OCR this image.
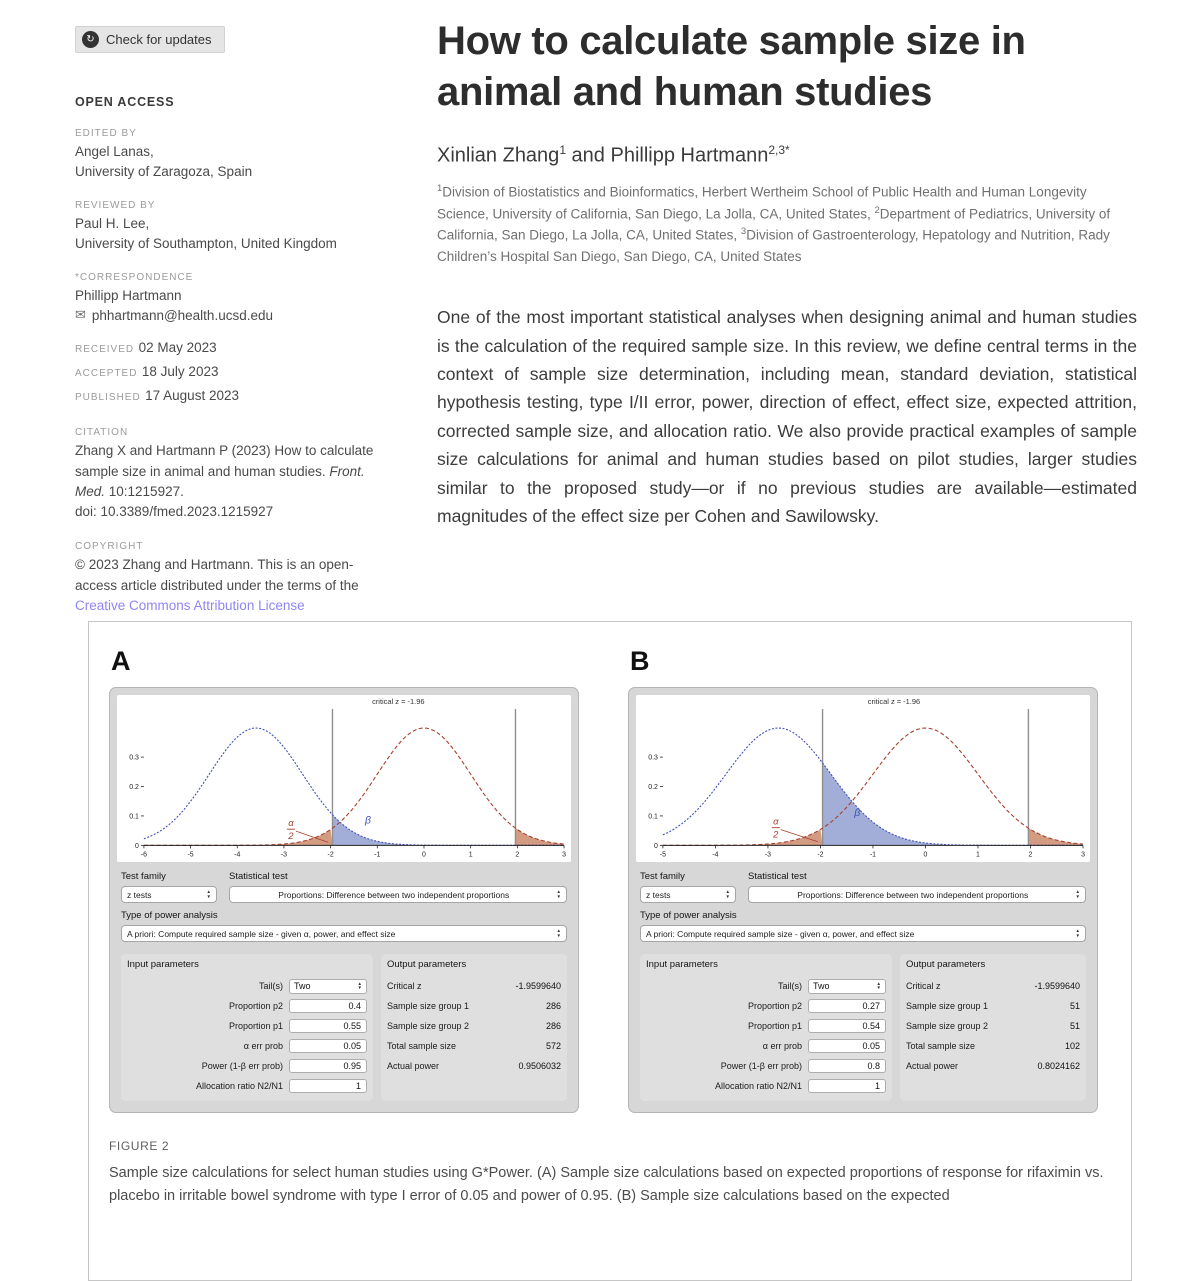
↻ Check for updates
OPEN ACCESS
EDITED BY
Angel Lanas,
University of Zaragoza, Spain
REVIEWED BY
Paul H. Lee,
University of Southampton, United Kingdom
*CORRESPONDENCE
Phillipp Hartmann
✉ phhartmann@health.ucsd.edu
RECEIVED 02 May 2023
ACCEPTED 18 July 2023
PUBLISHED 17 August 2023
CITATION

Zhang X and Hartmann P (2023) How to calculate sample size in animal and human studies. Front. Med. 10:1215927.
doi: 10.3389/fmed.2023.1215927

COPYRIGHT

© 2023 Zhang and Hartmann. This is an open-access article distributed under the terms of the Creative Commons Attribution License

How to calculate sample size in animal and human studies
Xinlian Zhang$^1$ and Phillipp Hartmann$^{2,3*}$

$^1$Division of Biostatistics and Bioinformatics, Herbert Wertheim School of Public Health and Human Longevity Science, University of California, San Diego, La Jolla, CA, United States, $^2$Department of Pediatrics, University of California, San Diego, La Jolla, CA, United States, $^3$Division of Gastroenterology, Hepatology and Nutrition, Rady Children’s Hospital San Diego, San Diego, CA, United States

One of the most important statistical analyses when designing animal and human studies is the calculation of the required sample size. In this review, we define central terms in the context of sample size determination, including mean, standard deviation, statistical hypothesis testing, type I/II error, power, direction of effect, effect size, expected attrition, corrected sample size, and allocation ratio. We also provide practical examples of sample size calculations for animal and human studies based on pilot studies, larger studies similar to the proposed study—or if no previous studies are available—estimated magnitudes of the effect size per Cohen and Sawilowsky.

A
-6	-5	-4	-3	-2	-1	0	1	2	3
0
0.1
0.2
0.3
critical z = -1.96
α
2
β
Test family	Statistical test
z tests	▲
▼	Proportions: Difference between two independent proportions	▲
▼
Type of power analysis
A priori: Compute required sample size - given α, power, and effect size	▲
▼
Input parameters
Tail(s)	Two	▲
▼
Proportion p2	0.4
Proportion p1	0.55
α err prob	0.05
Power (1-β err prob)	0.95
Allocation ratio N2/N1	1
Output parameters
Critical z	-1.9599640
Sample size group 1	286
Sample size group 2	286
Total sample size	572
Actual power	0.9506032
B
-5	-4	-3	-2	-1	0	1	2	3
0
0.1
0.2
0.3
critical z = -1.96
α
2
β
Test family	Statistical test
z tests	▲
▼	Proportions: Difference between two independent proportions	▲
▼
Type of power analysis
A priori: Compute required sample size - given α, power, and effect size	▲
▼
Input parameters
Tail(s)	Two	▲
▼
Proportion p2	0.27
Proportion p1	0.54
α err prob	0.05
Power (1-β err prob)	0.8
Allocation ratio N2/N1	1
Output parameters
Critical z	-1.9599640
Sample size group 1	51
Sample size group 2	51
Total sample size	102
Actual power	0.8024162
FIGURE 2
Sample size calculations for select human studies using G*Power. (A) Sample size calculations based on expected proportions of response for rifaximin vs. placebo in irritable bowel syndrome with type I error of 0.05 and power of 0.95. (B) Sample size calculations based on the expected
